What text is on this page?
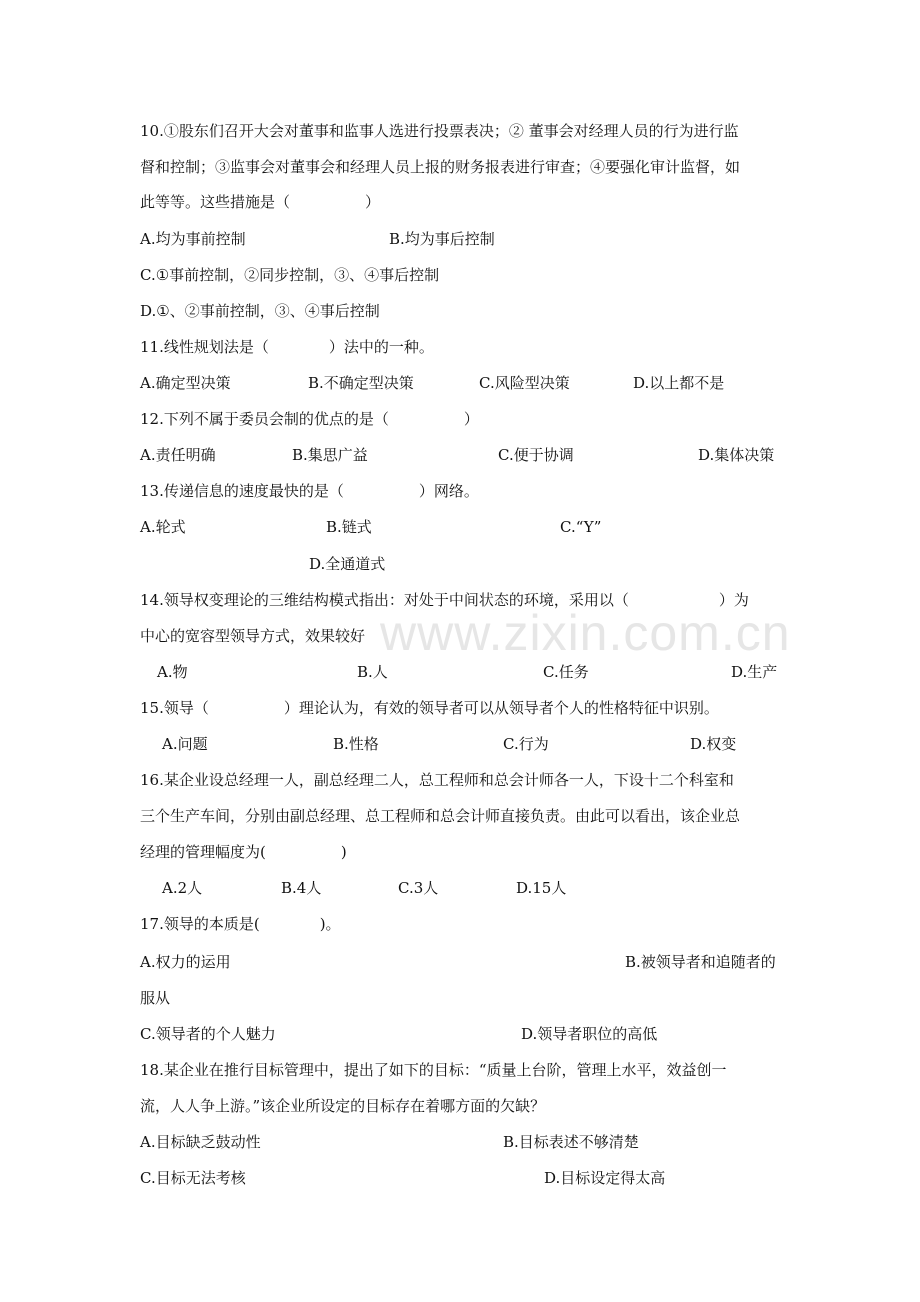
www.zixin.com.cn
10.①股东们召开大会对董事和监事人选进行投票表决；② 董事会对经理人员的行为进行监
督和控制；③监事会对董事会和经理人员上报的财务报表进行审查；④要强化审计监督，如
此等等。这些措施是（　　　　　）
A.均为事前控制	B.均为事后控制
C.①事前控制，②同步控制，③、④事后控制
D.①、②事前控制，③、④事后控制
11.线性规划法是（　　　　）法中的一种。
A.确定型决策	B.不确定型决策	C.风险型决策	D.以上都不是
12.下列不属于委员会制的优点的是（　　　　　）
A.责任明确	B.集思广益	C.便于协调	D.集体决策
13.传递信息的速度最快的是（　　　　　）网络。
A.轮式	B.链式	C.“Y”
D.全通道式
14.领导权变理论的三维结构模式指出：对处于中间状态的环境，采用以（　　　　　　）为
中心的宽容型领导方式，效果较好
A.物	B.人	C.任务	D.生产
15.领导（　　　　　）理论认为，有效的领导者可以从领导者个人的性格特征中识别。
A.问题	B.性格	C.行为	D.权变
16.某企业设总经理一人，副总经理二人，总工程师和总会计师各一人，下设十二个科室和
三个生产车间，分别由副总经理、总工程师和总会计师直接负责。由此可以看出，该企业总
经理的管理幅度为(　　　　　)
A.2人	B.4人	C.3人	D.15人
17.领导的本质是(　　　　)。
A.权力的运用	B.被领导者和追随者的
服从
C.领导者的个人魅力	D.领导者职位的高低
18.某企业在推行目标管理中，提出了如下的目标：“质量上台阶，管理上水平，效益创一
流，人人争上游。”该企业所设定的目标存在着哪方面的欠缺？
A.目标缺乏鼓动性	B.目标表述不够清楚
C.目标无法考核	D.目标设定得太高
